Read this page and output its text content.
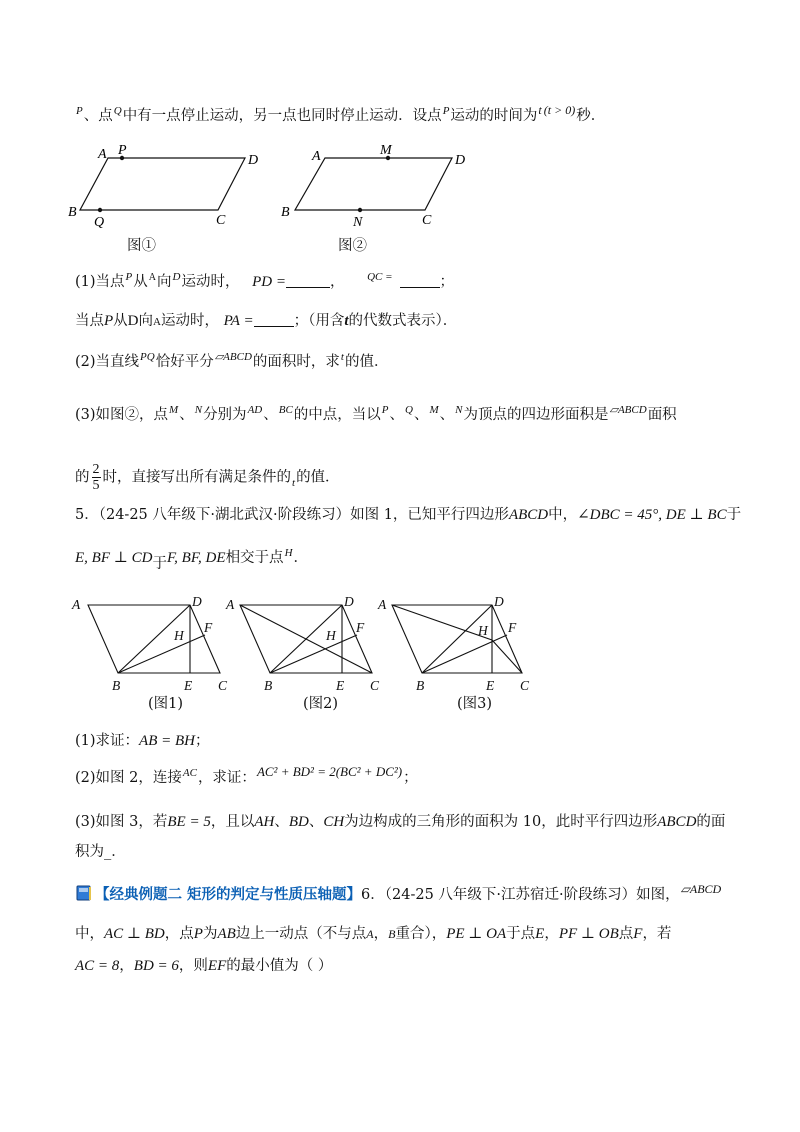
$^P$、点$^Q$中有一点停止运动，另一点也同时停止运动．设点$^P$运动的时间为$^t$ $^{(t > 0)}$秒．
A P
D
B
Q	C
A	M
D
B
N	C
图①	图②
(1)当点$^P$从$^A$向$^D$运动时， PD =	， $^{QC =}$	；
当点P从D向A运动时， PA =	；（用含t的代数式表示）．
(2)当直线$^{PQ}$恰好平分$^{▱ABCD}$的面积时，求$^t$的值．
(3)如图②，点$^M$、$^N$分别为$^{AD}$、$^{BC}$的中点，当以$^P$、$^Q$、$^M$、$^N$为顶点的四边形面积是$^{▱ABCD}$面积
的 $\frac{2}{5}$ 时，直接写出所有满足条件的$_t$的值．
5．（24-25 八年级下·湖北武汉·阶段练习）如图 1，已知平行四边形ABCD中，∠DBC = 45°, DE ⊥ BC于
E, BF ⊥ CD于F, BF, DE相交于点$^H$．
A	D
H
F
B	E C
A	D
H
F
B	E C
A	D
H F
B	E C
(图1)	(图2)	(图3)
(1)求证：AB = BH；
(2)如图 2，连接$^{AC}$，求证：AC² + BD² = 2(BC² + DC²)；
(3)如图 3，若BE = 5，且以AH、BD、CH为边构成的三角形的面积为 10，此时平行四边形ABCD的面
积为_．
【经典例题二 矩形的判定与性质压轴题】6．（24-25 八年级下·江苏宿迁·阶段练习）如图，$^{▱ABCD}$
中，AC ⊥ BD，点P为AB边上一动点（不与点A，B重合），PE ⊥ OA于点E，PF ⊥ OB点F，若
AC = 8，BD = 6，则EF的最小值为（ ）
